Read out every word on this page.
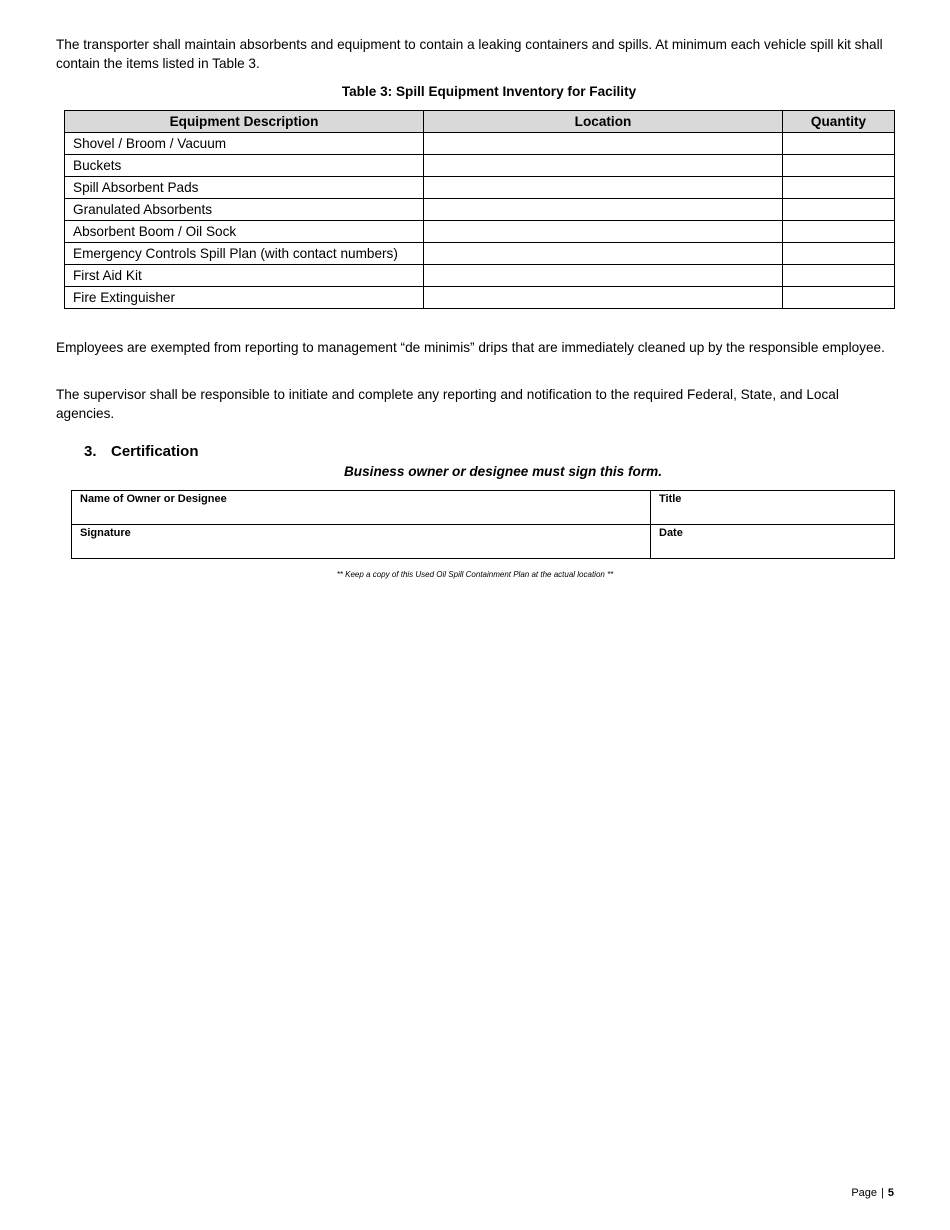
The transporter shall maintain absorbents and equipment to contain a leaking containers and spills. At minimum each vehicle spill kit shall contain the items listed in Table 3.

Table 3: Spill Equipment Inventory for Facility
Equipment Description	Location	Quantity
Shovel / Broom / Vacuum		
Buckets		
Spill Absorbent Pads		
Granulated Absorbents		
Absorbent Boom / Oil Sock		
Emergency Controls Spill Plan (with contact numbers)		
First Aid Kit		
Fire Extinguisher		

Employees are exempted from reporting to management “de minimis” drips that are immediately cleaned up by the responsible employee.

The supervisor shall be responsible to initiate and complete any reporting and notification to the required Federal, State, and Local agencies.

3. Certification
Business owner or designee must sign this form.
Name of Owner or Designee	Title
Signature	Date
** Keep a copy of this Used Oil Spill Containment Plan at the actual location **
Page | 5
